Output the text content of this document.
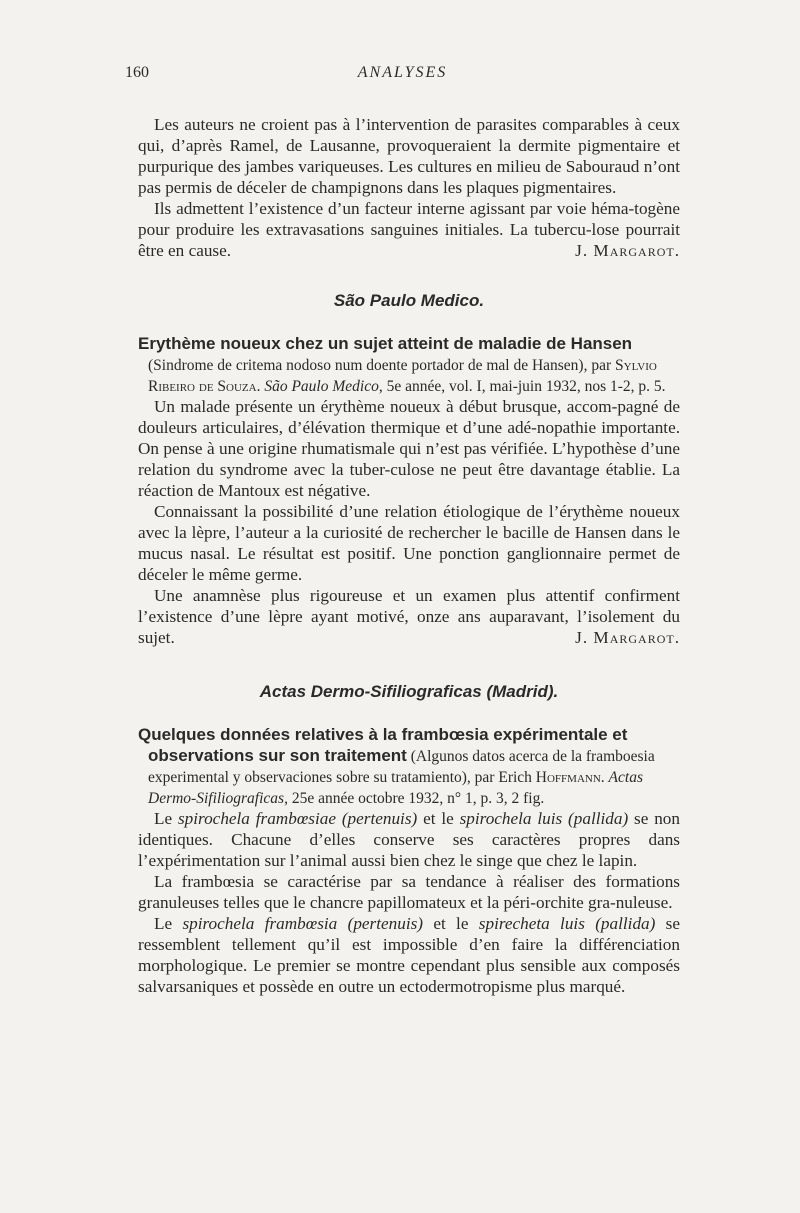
160	ANALYSES

Les auteurs ne croient pas à l’intervention de parasites comparables à ceux qui, d’après Ramel, de Lausanne, provoqueraient la dermite pigmentaire et purpurique des jambes variqueuses. Les cultures en milieu de Sabouraud n’ont pas permis de déceler de champignons dans les plaques pigmentaires.

Ils admettent l’existence d’un facteur interne agissant par voie héma-togène pour produire les extravasations sanguines initiales. La tubercu-lose pourrait être en cause.	J. Margarot.

São Paulo Medico.

Erythème noueux chez un sujet atteint de maladie de Hansen (Sindrome de critema nodoso num doente portador de mal de Hansen), par Sylvio Ribeiro de Souza. São Paulo Medico, 5e année, vol. I, mai-juin 1932, nos 1-2, p. 5.

Un malade présente un érythème noueux à début brusque, accom-pagné de douleurs articulaires, d’élévation thermique et d’une adé-nopathie importante. On pense à une origine rhumatismale qui n’est pas vérifiée. L’hypothèse d’une relation du syndrome avec la tuber-culose ne peut être davantage établie. La réaction de Mantoux est négative.

Connaissant la possibilité d’une relation étiologique de l’érythème noueux avec la lèpre, l’auteur a la curiosité de rechercher le bacille de Hansen dans le mucus nasal. Le résultat est positif. Une ponction ganglionnaire permet de déceler le même germe.

Une anamnèse plus rigoureuse et un examen plus attentif confirment l’existence d’une lèpre ayant motivé, onze ans auparavant, l’isolement du sujet.	J. Margarot.

Actas Dermo-Sifiliograficas (Madrid).

Quelques données relatives à la frambœsia expérimentale et observations sur son traitement (Algunos datos acerca de la framboesia experimental y observaciones sobre su tratamiento), par Erich Hoffmann. Actas Dermo-Sifiliograficas, 25e année octobre 1932, n° 1, p. 3, 2 fig.

Le spirochela frambœsiae (pertenuis) et le spirochela luis (pallida) se non identiques. Chacune d’elles conserve ses caractères propres dans l’expérimentation sur l’animal aussi bien chez le singe que chez le lapin.

La frambœsia se caractérise par sa tendance à réaliser des formations granuleuses telles que le chancre papillomateux et la péri-orchite gra-nuleuse.

Le spirochela frambœsia (pertenuis) et le spirecheta luis (pallida) se ressemblent tellement qu’il est impossible d’en faire la différenciation morphologique. Le premier se montre cependant plus sensible aux composés salvarsaniques et possède en outre un ectodermotropisme plus marqué.
